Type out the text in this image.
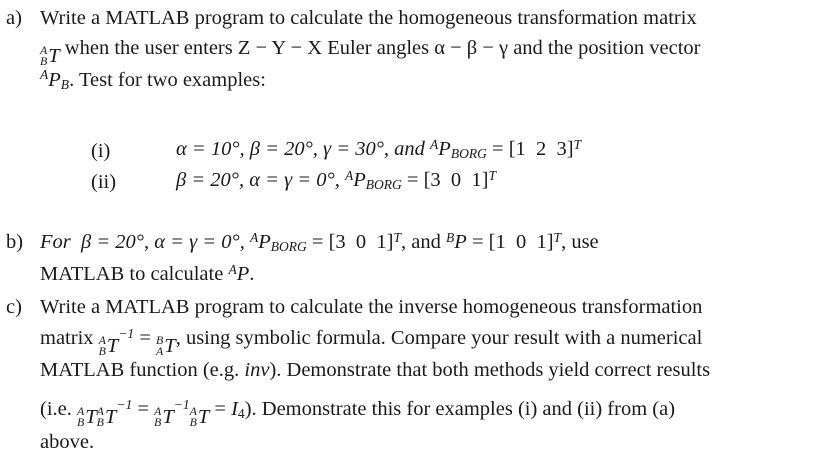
a) Write a MATLAB program to calculate the homogeneous transformation matrix
A
B T when the user enters Z − Y − X Euler angles α − β − γ and the position vector
$^A$PB. Test for two examples:
(i)	α = 10°, β = 20°, γ = 30°, and $^A$PBORG = [1  2  3]$^T$
(ii)	β = 20°, α = γ = 0°, $^A$PBORG = [3  0  1]$^T$
b) For  β = 20°, α = γ = 0°, $^A$PBORG = [3  0  1]$^T$, and $^B$P = [1  0  1]$^T$, use
MATLAB to calculate $^A$P.
c) Write a MATLAB program to calculate the inverse homogeneous transformation
matrix A
B T
$^{-1}$ = B
A T , using symbolic formula. Compare your result with a numerical
MATLAB function (e.g. inv). Demonstrate that both methods yield correct results
(i.e. A
B T A
B T
$^{-1}$ = A
B T
$^{-1}$ A
B T = I4). Demonstrate this for examples (i) and (ii) from (a)
above.
